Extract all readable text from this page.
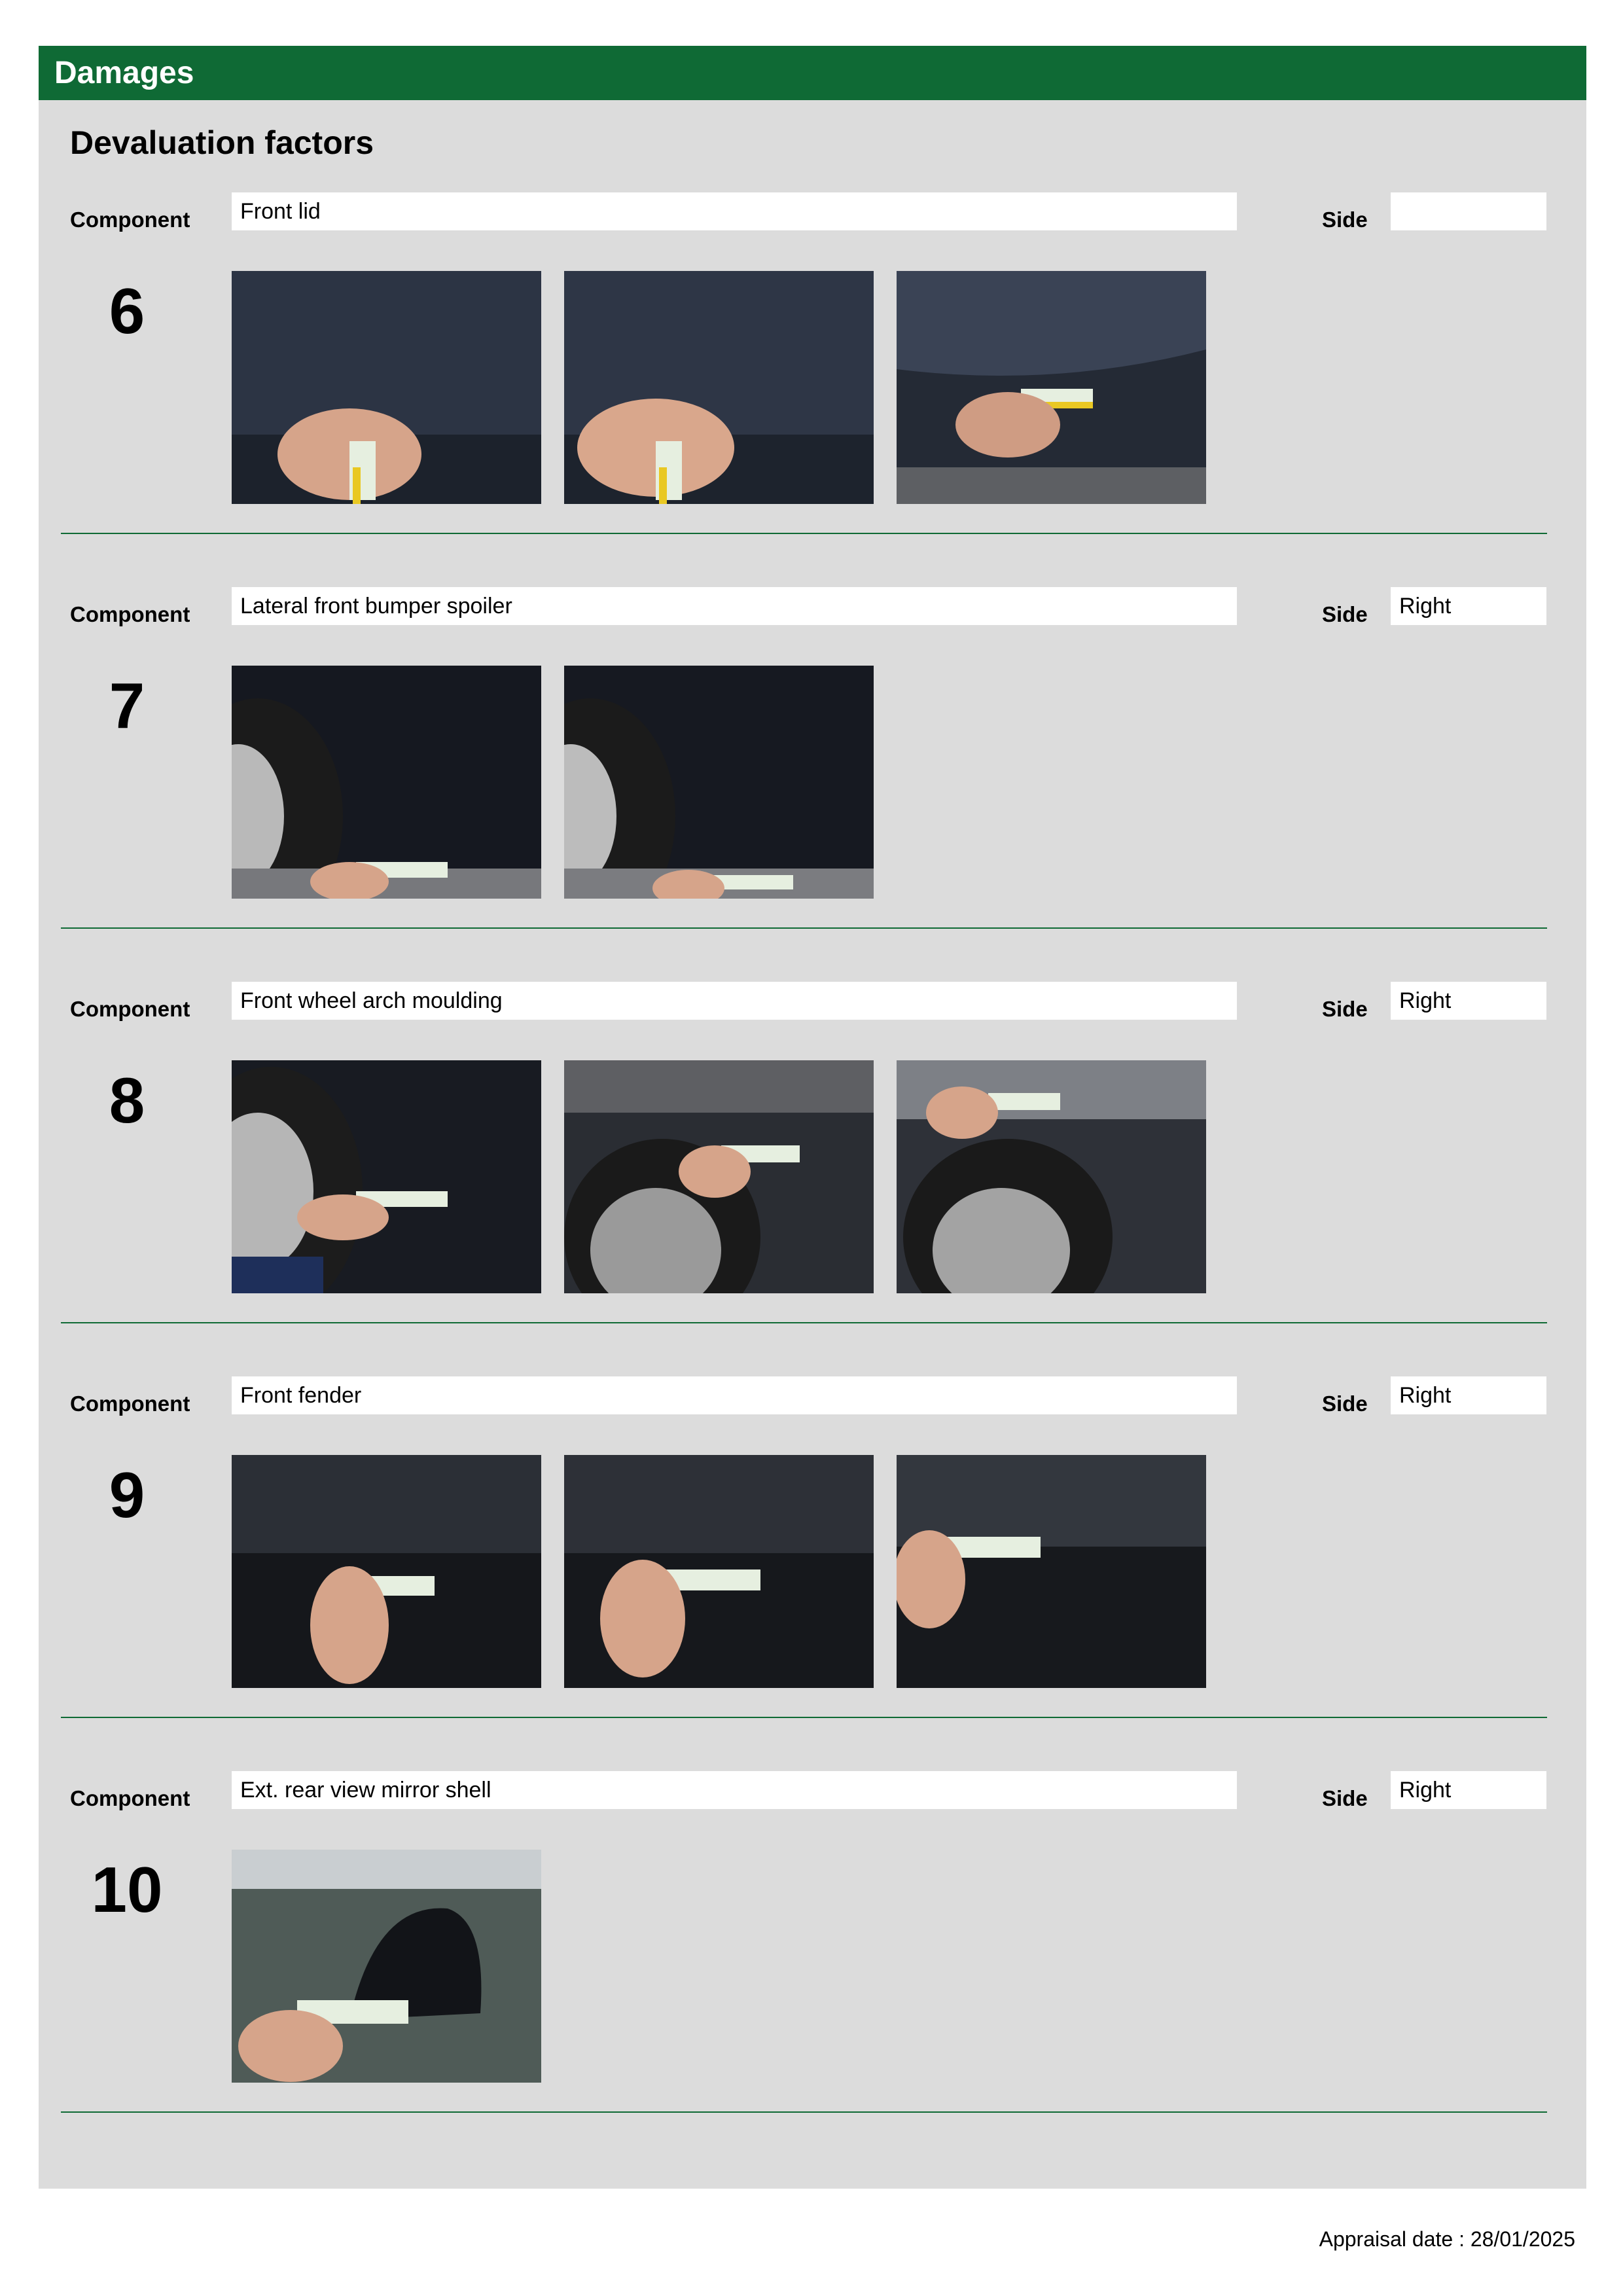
Damages
Devaluation factors
Component	Front lid	Side
6
Component	Lateral front bumper spoiler	Side	Right
7
Component	Front wheel arch moulding	Side	Right
8
Component	Front fender	Side	Right
9
Component	Ext. rear view mirror shell	Side	Right
10
Appraisal date : 28/01/2025
